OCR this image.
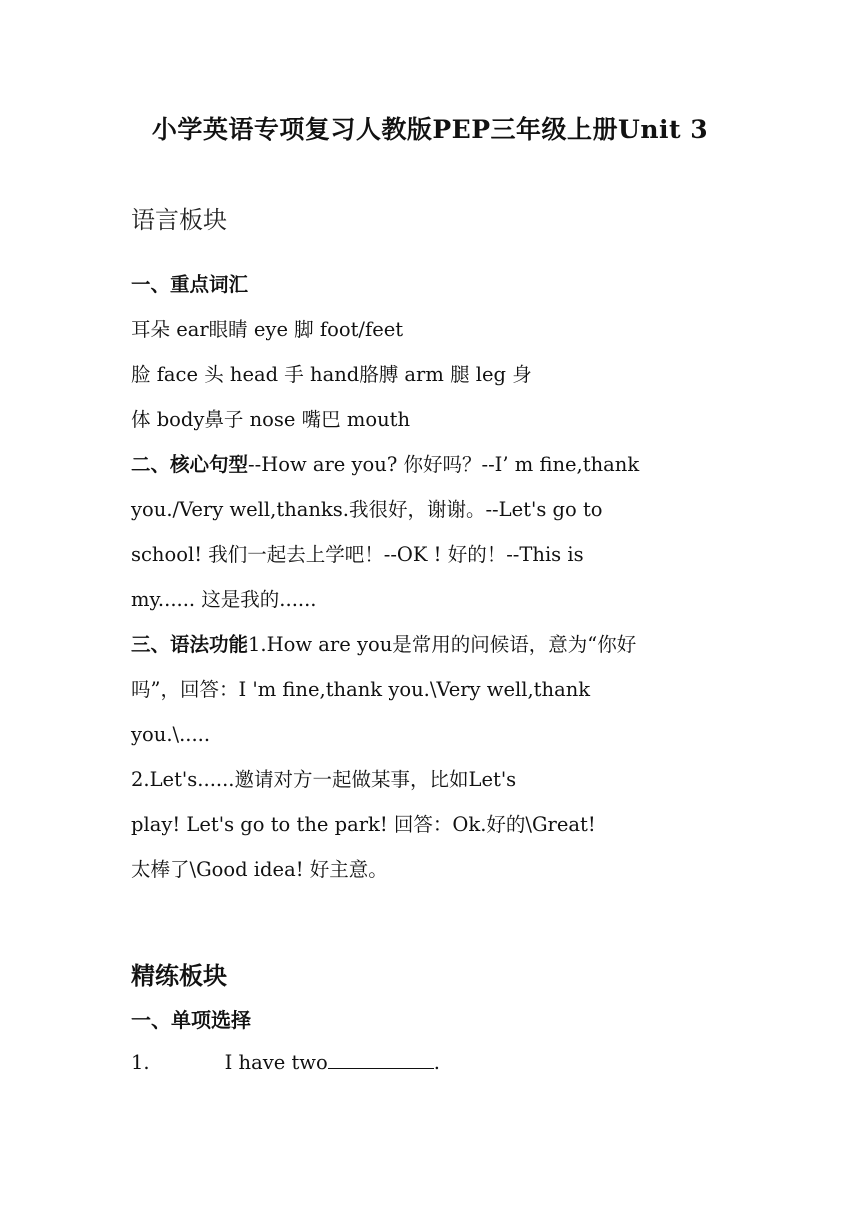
小学英语专项复习人教版PEP三年级上册Unit 3
语言板块
一、重点词汇
耳朵 ear眼睛 eye 脚 foot/feet
脸 face 头 head 手 hand胳膊 arm 腿 leg 身
体 body鼻子 nose 嘴巴 mouth
二、核心句型--How are you? 你好吗？--I’ m fine,thank
you./Very well,thanks.我很好，谢谢。--Let's go to
school! 我们一起去上学吧！--OK ! 好的！--This is
my...... 这是我的......
三、语法功能1.How are you是常用的问候语，意为“你好
吗”，回答：I 'm fine,thank you.\Very well,thank
you.\.....
2.Let's......邀请对方一起做某事，比如Let's
play! Let's go to the park! 回答：Ok.好的\Great!
太棒了\Good idea! 好主意。
精练板块
一、单项选择
1.	I have two	.
